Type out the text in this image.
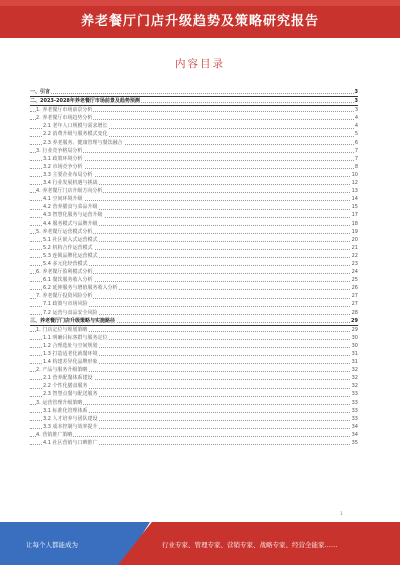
养老餐厅门店升级趋势及策略研究报告
内容目录
一、引言	3
二、2023-2028年养老餐厅市场前景及趋势预测	3
1. 养老餐厅市场前景分析	3
2. 养老餐厅市场趋势分析	4
2.1 老年人口规模与需求增长	4
2.2 消费升级与服务模式变化	5
2.3 养老服务、健康管理与餐饮融合	6
3. 行业竞争格局分析	7
3.1 政策环境分析	7
3.2 市场竞争分析	8
3.3 主要企业布局分析	10
3.4 行业发展机遇与挑战	12
4. 养老餐厅门店升级方向分析	13
4.1 空间环境升级	14
4.2 营养膳食与菜品升级	15
4.3 智慧化服务与运营升级	17
4.4 服务模式与品牌升级	18
5. 养老餐厅运营模式分析	19
5.1 社区嵌入式运营模式	20
5.2 机构合作运营模式	21
5.3 连锁品牌化运营模式	22
5.4 多元化经营模式	23
6. 养老餐厅盈利模式分析	24
6.1 餐饮服务收入分析	25
6.2 延伸服务与增值服务收入分析	26
7. 养老餐厅投资风险分析	27
7.1 政策与市场风险	27
7.2 运营与食品安全风险	28
三、养老餐厅门店升级策略与实施路径	29
1. 门店定位与规划策略	29
1.1 明确目标客群与服务定位	30
1.2 合理选址与空间规划	30
1.3 打造适老化就餐环境	31
1.4 构建差异化品牌形象	31
2. 产品与服务升级策略	32
2.1 营养配餐体系建设	32
2.2 个性化膳食服务	32
2.3 智慧点餐与配送服务	33
3. 运营管理升级策略	33
3.1 标准化管理体系	33
3.2 人才培养与团队建设	33
3.3 成本控制与效率提升	34
4. 营销推广策略	34
4.1 社区营销与口碑推广	35
1
让每个人都能成为	行业专家、管理专家、营销专家、战略专家、经营全能家……
